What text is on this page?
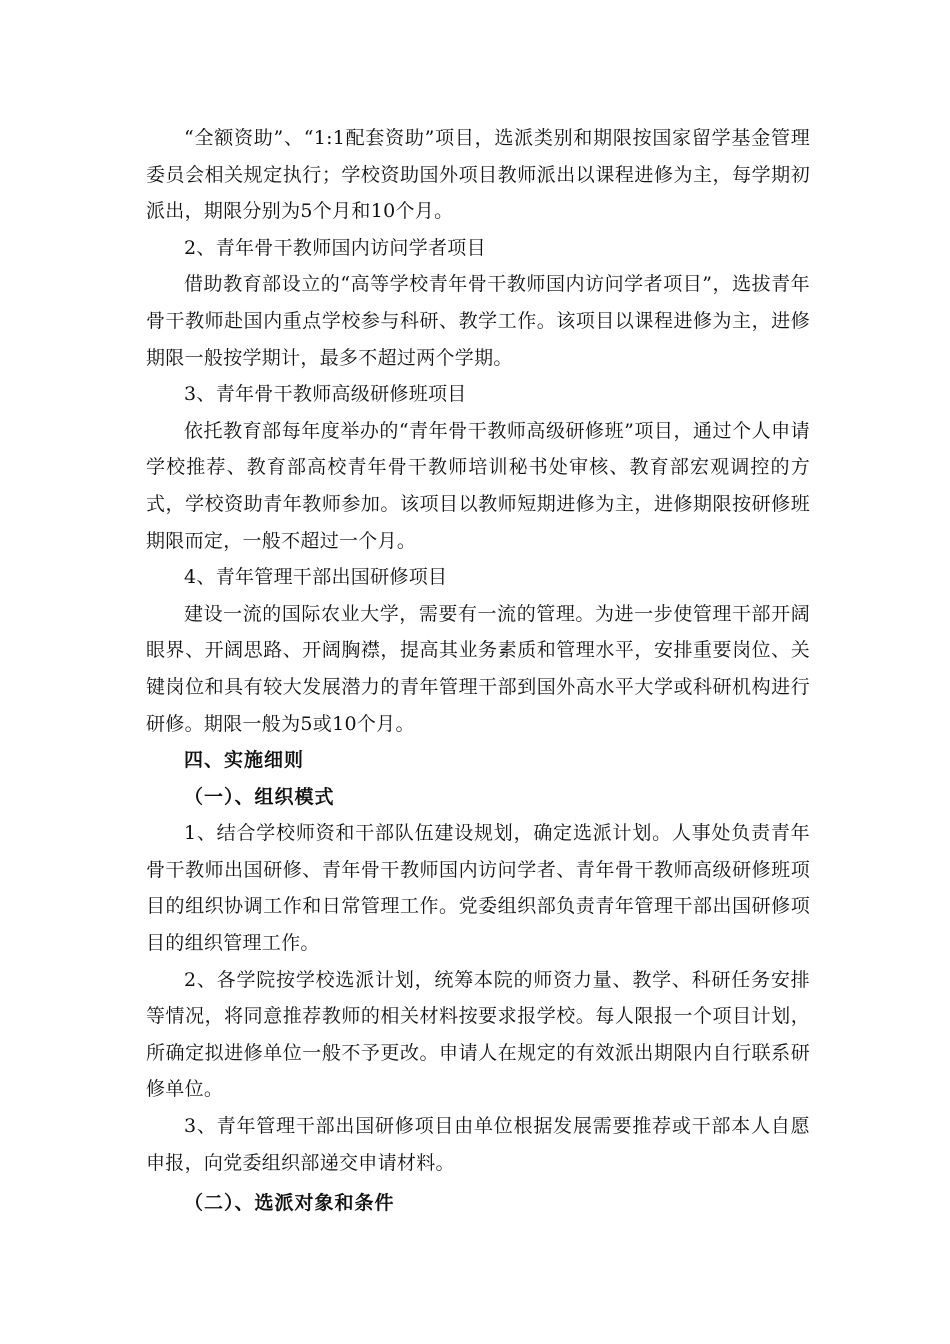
“全额资助”、“1:1配套资助”项目，选派类别和期限按国家留学基金管理委员会相关规定执行；学校资助国外项目教师派出以课程进修为主，每学期初派出，期限分别为5个月和10个月。

2、青年骨干教师国内访问学者项目

借助教育部设立的“高等学校青年骨干教师国内访问学者项目”，选拔青年骨干教师赴国内重点学校参与科研、教学工作。该项目以课程进修为主，进修期限一般按学期计，最多不超过两个学期。

3、青年骨干教师高级研修班项目

依托教育部每年度举办的“青年骨干教师高级研修班”项目，通过个人申请学校推荐、教育部高校青年骨干教师培训秘书处审核、教育部宏观调控的方式，学校资助青年教师参加。该项目以教师短期进修为主，进修期限按研修班期限而定，一般不超过一个月。

4、青年管理干部出国研修项目

建设一流的国际农业大学，需要有一流的管理。为进一步使管理干部开阔眼界、开阔思路、开阔胸襟，提高其业务素质和管理水平，安排重要岗位、关键岗位和具有较大发展潜力的青年管理干部到国外高水平大学或科研机构进行研修。期限一般为5或10个月。

四、实施细则

（一）、组织模式

1、结合学校师资和干部队伍建设规划，确定选派计划。人事处负责青年骨干教师出国研修、青年骨干教师国内访问学者、青年骨干教师高级研修班项目的组织协调工作和日常管理工作。党委组织部负责青年管理干部出国研修项目的组织管理工作。

2、各学院按学校选派计划，统筹本院的师资力量、教学、科研任务安排等情况，将同意推荐教师的相关材料按要求报学校。每人限报一个项目计划，所确定拟进修单位一般不予更改。申请人在规定的有效派出期限内自行联系研修单位。

3、青年管理干部出国研修项目由单位根据发展需要推荐或干部本人自愿申报，向党委组织部递交申请材料。

（二）、选派对象和条件
